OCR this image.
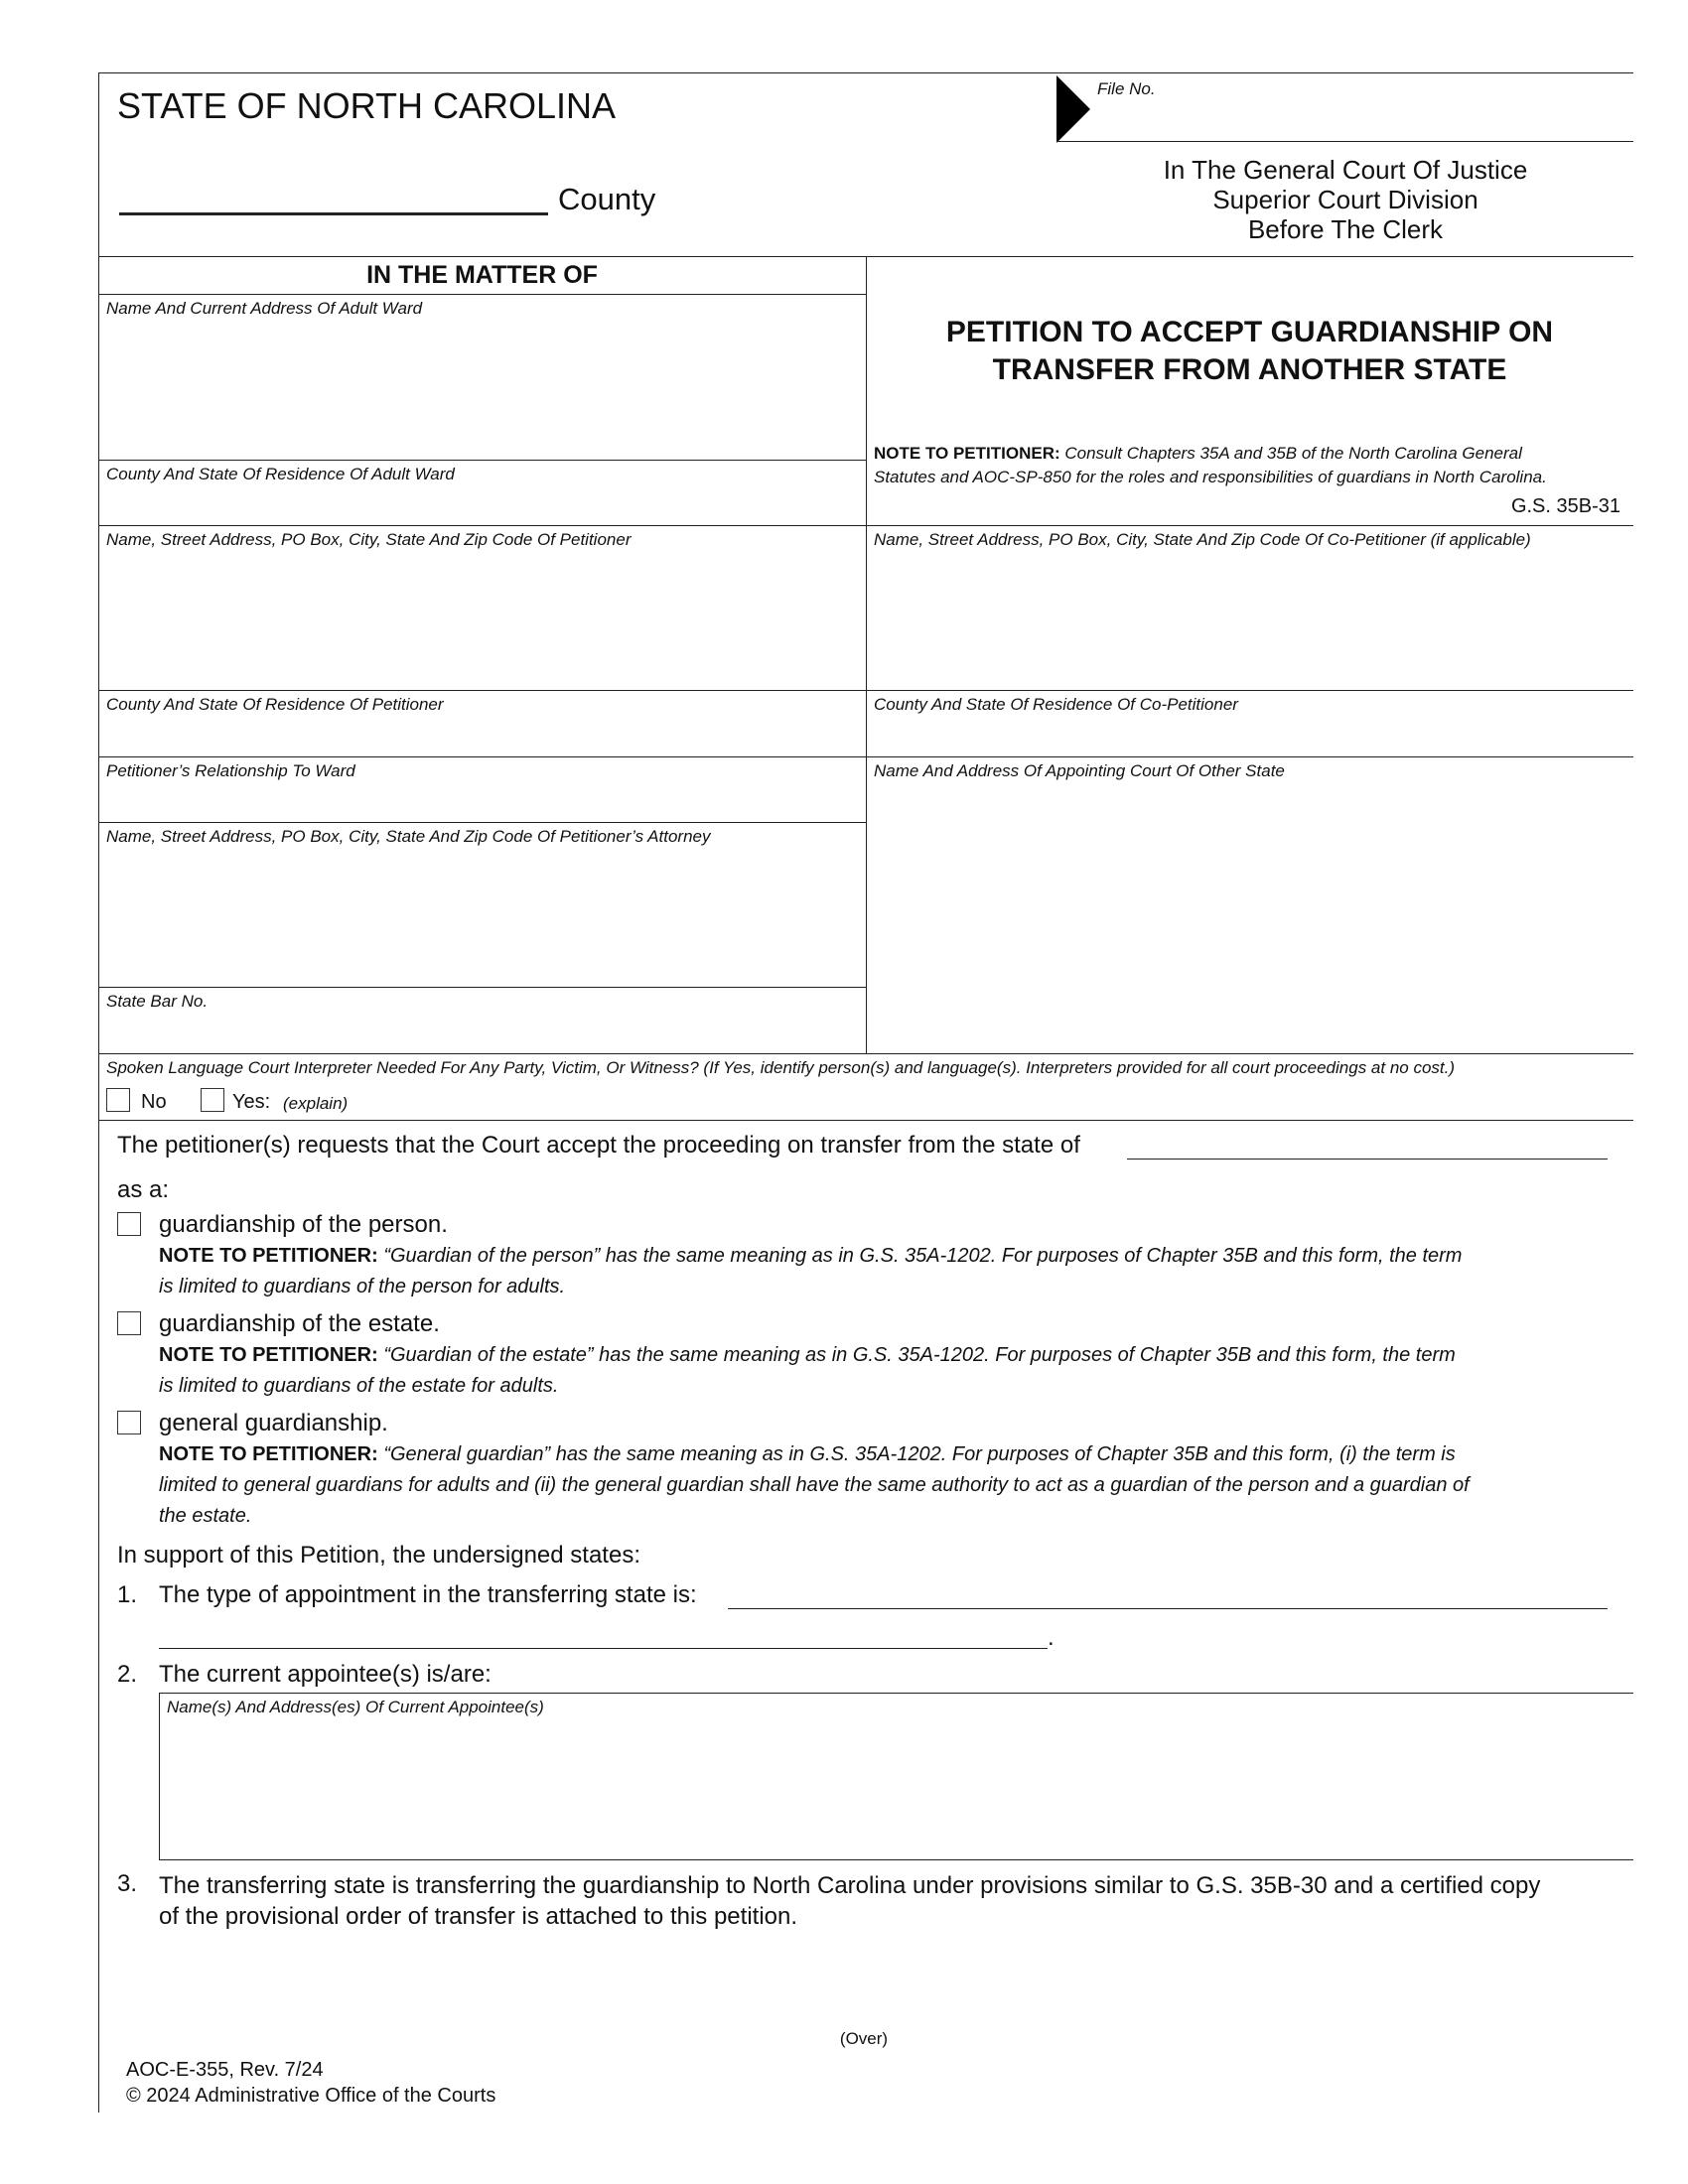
STATE OF NORTH CAROLINA
County
File No.
In The General Court Of Justice
Superior Court Division
Before The Clerk
IN THE MATTER OF
Name And Current Address Of Adult Ward
County And State Of Residence Of Adult Ward
PETITION TO ACCEPT GUARDIANSHIP ON
TRANSFER FROM ANOTHER STATE
NOTE TO PETITIONER: Consult Chapters 35A and 35B of the North Carolina General
Statutes and AOC-SP-850 for the roles and responsibilities of guardians in North Carolina.
G.S. 35B-31
Name, Street Address, PO Box, City, State And Zip Code Of Petitioner	Name, Street Address, PO Box, City, State And Zip Code Of Co-Petitioner (if applicable)
County And State Of Residence Of Petitioner	County And State Of Residence Of Co-Petitioner
Petitioner’s Relationship To Ward	Name And Address Of Appointing Court Of Other State
Name, Street Address, PO Box, City, State And Zip Code Of Petitioner’s Attorney
State Bar No.
Spoken Language Court Interpreter Needed For Any Party, Victim, Or Witness? (If Yes, identify person(s) and language(s). Interpreters provided for all court proceedings at no cost.)
No	Yes: (explain)
The petitioner(s) requests that the Court accept the proceeding on transfer from the state of
as a:
guardianship of the person.
NOTE TO PETITIONER: “Guardian of the person” has the same meaning as in G.S. 35A-1202. For purposes of Chapter 35B and this form, the term
is limited to guardians of the person for adults.
guardianship of the estate.
NOTE TO PETITIONER: “Guardian of the estate” has the same meaning as in G.S. 35A-1202. For purposes of Chapter 35B and this form, the term
is limited to guardians of the estate for adults.
general guardianship.
NOTE TO PETITIONER: “General guardian” has the same meaning as in G.S. 35A-1202. For purposes of Chapter 35B and this form, (i) the term is
limited to general guardians for adults and (ii) the general guardian shall have the same authority to act as a guardian of the person and a guardian of
the estate.
In support of this Petition, the undersigned states:
1. The type of appointment in the transferring state is:
.
2. The current appointee(s) is/are:
Name(s) And Address(es) Of Current Appointee(s)
3. The transferring state is transferring the guardianship to North Carolina under provisions similar to G.S. 35B-30 and a certified copy
of the provisional order of transfer is attached to this petition.
(Over)
AOC-E-355, Rev. 7/24
© 2024 Administrative Office of the Courts
